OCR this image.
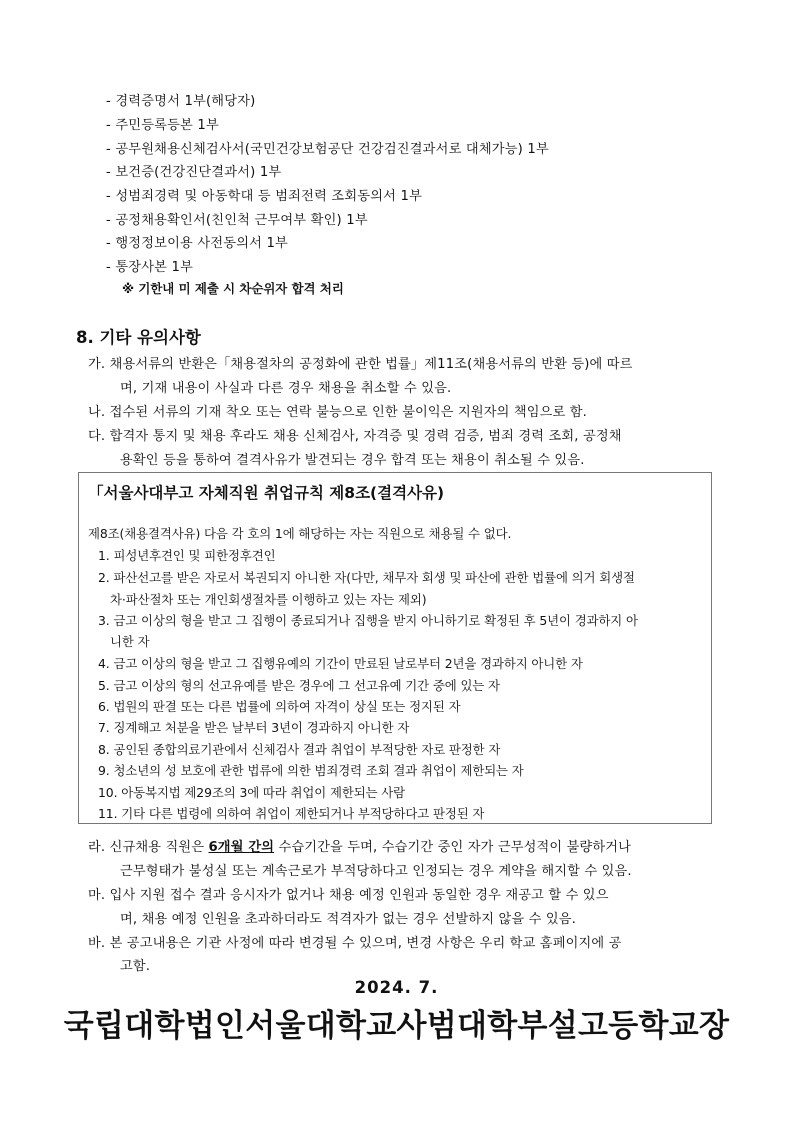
- 경력증명서 1부(해당자)
- 주민등록등본 1부
- 공무원채용신체검사서(국민건강보험공단 건강검진결과서로 대체가능) 1부
- 보건증(건강진단결과서) 1부
- 성범죄경력 및 아동학대 등 범죄전력 조회동의서 1부
- 공정채용확인서(친인척 근무여부 확인) 1부
- 행정정보이용 사전동의서 1부
- 통장사본 1부
※ 기한내 미 제출 시 차순위자 합격 처리
8. 기타 유의사항
가. 채용서류의 반환은「채용절차의 공정화에 관한 법률」제11조(채용서류의 반환 등)에 따르
며, 기재 내용이 사실과 다른 경우 채용을 취소할 수 있음.
나. 접수된 서류의 기재 착오 또는 연락 불능으로 인한 불이익은 지원자의 책임으로 함.
다. 합격자 통지 및 채용 후라도 채용 신체검사, 자격증 및 경력 검증, 범죄 경력 조회, 공정채
용확인 등을 통하여 결격사유가 발견되는 경우 합격 또는 채용이 취소될 수 있음.
「서울사대부고 자체직원 취업규칙 제8조(결격사유)
제8조(채용결격사유) 다음 각 호의 1에 해당하는 자는 직원으로 채용될 수 없다.
1. 피성년후견인 및 피한정후견인
2. 파산선고를 받은 자로서 복권되지 아니한 자(다만, 채무자 회생 및 파산에 관한 법률에 의거 회생절
차·파산절차 또는 개인회생절차를 이행하고 있는 자는 제외)
3. 금고 이상의 형을 받고 그 집행이 종료되거나 집행을 받지 아니하기로 확정된 후 5년이 경과하지 아
니한 자
4. 금고 이상의 형을 받고 그 집행유예의 기간이 만료된 날로부터 2년을 경과하지 아니한 자
5. 금고 이상의 형의 선고유예를 받은 경우에 그 선고유예 기간 중에 있는 자
6. 법원의 판결 또는 다른 법률에 의하여 자격이 상실 또는 정지된 자
7. 징계해고 처분을 받은 날부터 3년이 경과하지 아니한 자
8. 공인된 종합의료기관에서 신체검사 결과 취업이 부적당한 자로 판정한 자
9. 청소년의 성 보호에 관한 법류에 의한 범죄경력 조회 결과 취업이 제한되는 자
10. 아동복지법 제29조의 3에 따라 취업이 제한되는 사람
11. 기타 다른 법령에 의하여 취업이 제한되거나 부적당하다고 판정된 자
라. 신규채용 직원은 6개월 간의 수습기간을 두며, 수습기간 중인 자가 근무성적이 불량하거나
근무형태가 불성실 또는 계속근로가 부적당하다고 인정되는 경우 계약을 해지할 수 있음.
마. 입사 지원 접수 결과 응시자가 없거나 채용 예정 인원과 동일한 경우 재공고 할 수 있으
며, 채용 예정 인원을 초과하더라도 적격자가 없는 경우 선발하지 않을 수 있음.
바. 본 공고내용은 기관 사정에 따라 변경될 수 있으며, 변경 사항은 우리 학교 홈페이지에 공
고함.
2024. 7.
국립대학법인서울대학교사범대학부설고등학교장
